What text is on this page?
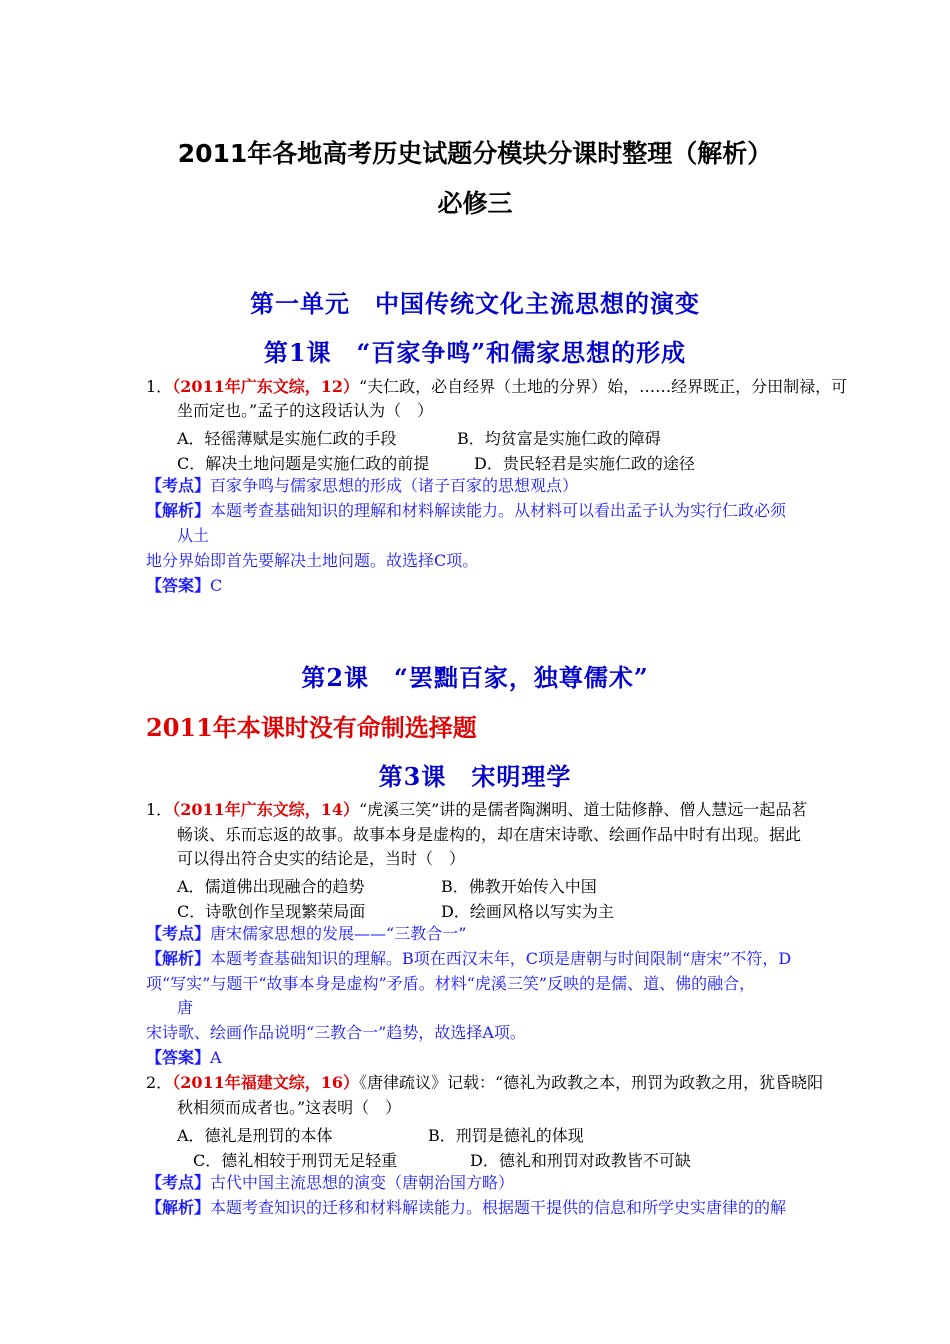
2011年各地高考历史试题分模块分课时整理（解析）
必修三
第一单元　中国传统文化主流思想的演变
第1课　“百家争鸣”和儒家思想的形成
1．（2011年广东文综，12）“夫仁政，必自经界（土地的分界）始，……经界既正，分田制禄，可
坐而定也。”孟子的这段话认为（　）
A．轻徭薄赋是实施仁政的手段	B．均贫富是实施仁政的障碍
C．解决土地问题是实施仁政的前提	D．贵民轻君是实施仁政的途径
【考点】百家争鸣与儒家思想的形成（诸子百家的思想观点）
【解析】本题考查基础知识的理解和材料解读能力。从材料可以看出孟子认为实行仁政必须
从土
地分界始即首先要解决土地问题。故选择C项。
【答案】C
第2课　“罢黜百家，独尊儒术”
2011年本课时没有命制选择题
第3课　宋明理学
1．（2011年广东文综，14）“虎溪三笑”讲的是儒者陶渊明、道士陆修静、僧人慧远一起品茗
畅谈、乐而忘返的故事。故事本身是虚构的，却在唐宋诗歌、绘画作品中时有出现。据此
可以得出符合史实的结论是，当时（　）
A．儒道佛出现融合的趋势	B．佛教开始传入中国
C．诗歌创作呈现繁荣局面	D．绘画风格以写实为主
【考点】唐宋儒家思想的发展——“三教合一”
【解析】本题考查基础知识的理解。B项在西汉末年，C项是唐朝与时间限制“唐宋”不符，D
项“写实”与题干“故事本身是虚构”矛盾。材料“虎溪三笑”反映的是儒、道、佛的融合，
唐
宋诗歌、绘画作品说明“三教合一”趋势，故选择A项。
【答案】A
2．（2011年福建文综，16）《唐律疏议》记载：“德礼为政教之本，刑罚为政教之用，犹昏晓阳
秋相须而成者也。”这表明（　）
A．德礼是刑罚的本体	B．刑罚是德礼的体现
C．德礼相较于刑罚无足轻重	D．德礼和刑罚对政教皆不可缺
【考点】古代中国主流思想的演变（唐朝治国方略）
【解析】本题考查知识的迁移和材料解读能力。根据题干提供的信息和所学史实唐律的的解
